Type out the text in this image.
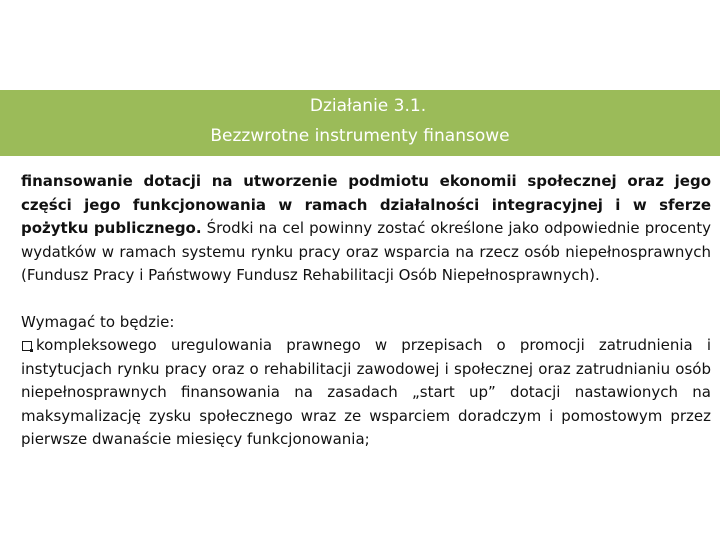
Działanie 3.1.
Bezzwrotne instrumenty finansowe

finansowanie dotacji na utworzenie podmiotu ekonomii społecznej oraz jego części jego funkcjonowania w ramach działalności integracyjnej i w sferze pożytku publicznego. Środki na cel powinny zostać określone jako odpowiednie procenty wydatków w ramach systemu rynku pracy oraz wsparcia na rzecz osób niepełnosprawnych (Fundusz Pracy i Państwowy Fundusz Rehabilitacji Osób Niepełnosprawnych).

Wymagać to będzie:
kompleksowego uregulowania prawnego w przepisach o promocji zatrudnienia i instytucjach rynku pracy oraz o rehabilitacji zawodowej i społecznej oraz zatrudnianiu osób niepełnosprawnych finansowania na zasadach „start up” dotacji nastawionych na maksymalizację zysku społecznego wraz ze wsparciem doradczym i pomostowym przez pierwsze dwanaście miesięcy funkcjonowania;
